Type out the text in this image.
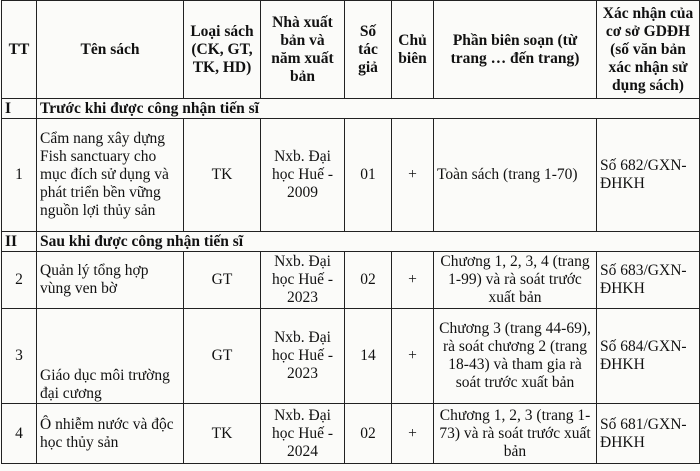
TT	Tên sách	Loại sách (CK, GT, TK, HD)	Nhà xuất bản và năm xuất bản	Số tác giả	Chủ biên	Phần biên soạn (từ trang … đến trang)	Xác nhận của cơ sở GDĐH (số văn bản xác nhận sử dụng sách)
I	Trước khi được công nhận tiến sĩ						
1	Cẩm nang xây dựng Fish sanctuary cho mục đích sử dụng và phát triển bền vững nguồn lợi thủy sản	TK	Nxb. Đại học Huế - 2009	01	+	Toàn sách (trang 1-70)	Số 682/GXN-ĐHKH
II	Sau khi được công nhận tiến sĩ						
2	Quản lý tổng hợp vùng ven bờ	GT	Nxb. Đại học Huế - 2023	02	+	Chương 1, 2, 3, 4 (trang 1-99) và rà soát trước xuất bản	Số 683/GXN-ĐHKH
3	Giáo dục môi trường đại cương	GT	Nxb. Đại học Huế - 2023	14	+	Chương 3 (trang 44-69), rà soát chương 2 (trang 18-43) và tham gia rà soát trước xuất bản	Số 684/GXN-ĐHKH
4	Ô nhiễm nước và độc học thủy sản	TK	Nxb. Đại học Huế - 2024	02	+	Chương 1, 2, 3 (trang 1-73) và rà soát trước xuất bản	Số 681/GXN-ĐHKH
